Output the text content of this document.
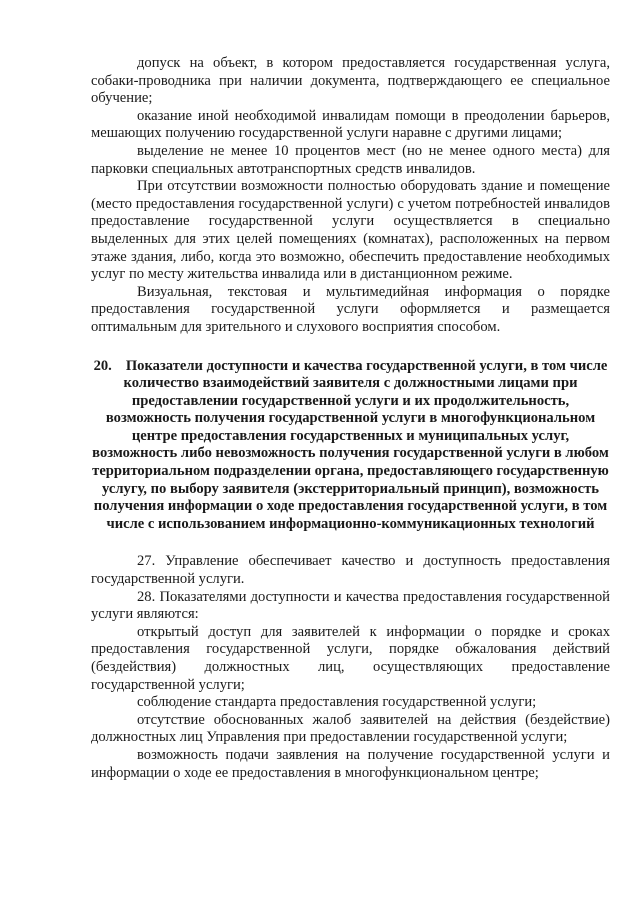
допуск на объект, в котором предоставляется государственная услуга, собаки-проводника при наличии документа, подтверждающего ее специальное обучение;

оказание иной необходимой инвалидам помощи в преодолении барьеров, мешающих получению государственной услуги наравне с другими лицами;

выделение не менее 10 процентов мест (но не менее одного места) для парковки специальных автотранспортных средств инвалидов.

При отсутствии возможности полностью оборудовать здание и помещение (место предоставления государственной услуги) с учетом потребностей инвалидов предоставление государственной услуги осуществляется в специально выделенных для этих целей помещениях (комнатах), расположенных на первом этаже здания, либо, когда это возможно, обеспечить предоставление необходимых услуг по месту жительства инвалида или в дистанционном режиме.

Визуальная, текстовая и мультимедийная информация о порядке предоставления государственной услуги оформляется и размещается оптимальным для зрительного и слухового восприятия способом.

20. Показатели доступности и качества государственной услуги, в том числе количество взаимодействий заявителя с должностными лицами при предоставлении государственной услуги и их продолжительность, возможность получения государственной услуги в многофункциональном центре предоставления государственных и муниципальных услуг, возможность либо невозможность получения государственной услуги в любом территориальном подразделении органа, предоставляющего государственную услугу, по выбору заявителя (экстерриториальный принцип), возможность получения информации о ходе предоставления государственной услуги, в том числе с использованием информационно-коммуникационных технологий

27. Управление обеспечивает качество и доступность предоставления государственной услуги.

28. Показателями доступности и качества предоставления государственной услуги являются:

открытый доступ для заявителей к информации о порядке и сроках предоставления государственной услуги, порядке обжалования действий (бездействия) должностных лиц, осуществляющих предоставление государственной услуги;

соблюдение стандарта предоставления государственной услуги;

отсутствие обоснованных жалоб заявителей на действия (бездействие) должностных лиц Управления при предоставлении государственной услуги;

возможность подачи заявления на получение государственной услуги и информации о ходе ее предоставления в многофункциональном центре;
